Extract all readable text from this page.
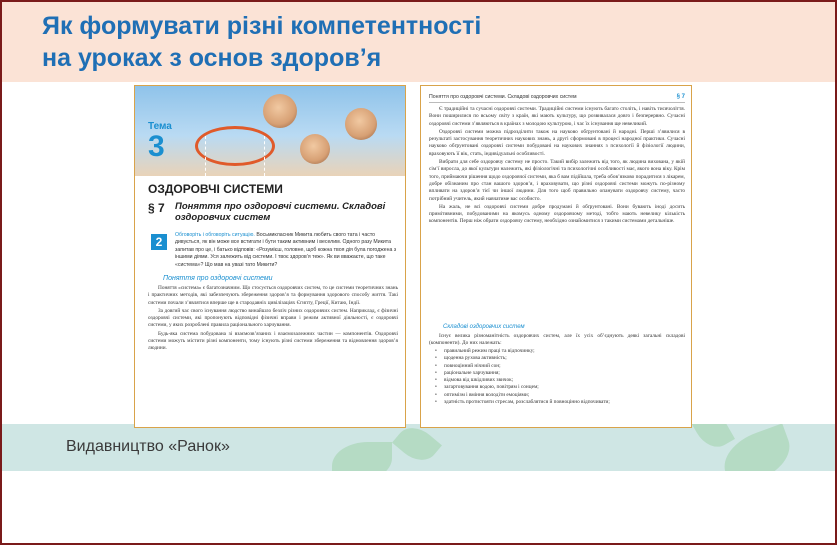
Як формувати різні компетентності
на уроках з основ здоров’я
Видавництво «Ранок»
Тема
3
ОЗДОРОВЧІ СИСТЕМИ
§ 7 Поняття про оздоровчі системи. Складові оздоровчих систем
2	Обговоріть і обговоріть ситуацію. Восьмикласник Микита любить свого тата і часто дивується, як він може все встигати і бути таким активним і веселим. Одного разу Микита запитав про це, і батько відповів: «Розумієш, головне, щоб кожна твоя дія була погоджена з іншими діями. Уся залежить від системи. І твоє здоров’я теж». Як ви вважаєте, що таке «система»? Що мав на увазі тато Микити?
Поняття про оздоровчі системи

Поняття «система» є багатозначним. Що стосується оздоровчих систем, то це системи теоретичних знань і практичних методів, які забезпечують збереження здоров’я та формування здорового способу життя. Такі системи почали з’являтися вперше ще в стародавніх цивілізаціях Єгипту, Греції, Китаю, Індії.

За довгий час свого існування людство винайшло безліч різних оздоровчих систем. Наприклад, є фізичні оздоровчі системи, які пропонують відповідні фізичні вправи і режим активної діяльності, є оздоровчі системи, у яких розроблені правила раціонального харчування.

Будь-яка система побудована зі взаємозв’язаних і взаємозалежних частин — компонентів. Оздоровчі системи можуть містити різні компоненти, тому існують різні системи збереження та відновлення здоров’я людини.

Поняття про оздоровчі системи. Складові оздоровчих систем	§ 7

Є традиційні та сучасні оздоровчі системи. Традиційні системи існують багато століть, і навіть тисячоліття. Вони поширилися по всьому світу з країн, які мають культуру, що розвивалася довго і безперервно. Сучасні оздоровчі системи з’являються в країнах з молодою культурою, і час їх існування ще невеликий.

Оздоровчі системи можна підрозділити також на науково обґрунтовані й народні. Перші з’явилися в результаті застосування теоретичних наукових знань, а другі сформовані в процесі народної практики. Сучасні науково обґрунтовані оздоровчі системи побудовані на наукових знаннях з психології й фізіології людини, враховують її вік, стать, індивідуальні особливості.

Вибрати для себе оздоровчу систему не просто. Такий вибір залежить від того, як людина вихована, у якій сім’ї виросла, до якої культури належить, які фізіологічні та психологічні особливості має, якого вона віку. Крім того, приймаючи рішення щодо оздоровчої системи, яка б вам підійшла, треба обов’язково порадитися з лікарем, добре обізнаним про стан вашого здоров’я, і враховувати, що різні оздоровчі системи можуть по-різному впливати на здоров’я тієї чи іншої людини. Для того щоб правильно опанувати оздоровчу систему, часто потрібний учитель, який навчатиме вас особисто.

На жаль, не всі оздоровчі системи добре продумані й обґрунтовані. Вони бувають іноді досить примітивними, побудованими на якомусь одному оздоровчому методі, тобто мають невелику кількість компонентів. Перш ніж обрати оздоровчу систему, необхідно ознайомитися з такими системами детальніше.

Складові оздоровчих систем

Існує велика різноманітність оздоровчих систем, але їх усіх об’єднують деякі загальні складові (компоненти). До них належать:

• правильний режим праці та відпочинку;
• щоденна рухова активність;
• повноцінний нічний сон;
• раціональне харчування;
• відмова від шкідливих звичок;
• загартовування водою, повітрям і сонцем;
• оптимізм і вміння володіти емоціями;
• здатність протистояти стресам, розслаблятися й повноцінно відпочивати;
